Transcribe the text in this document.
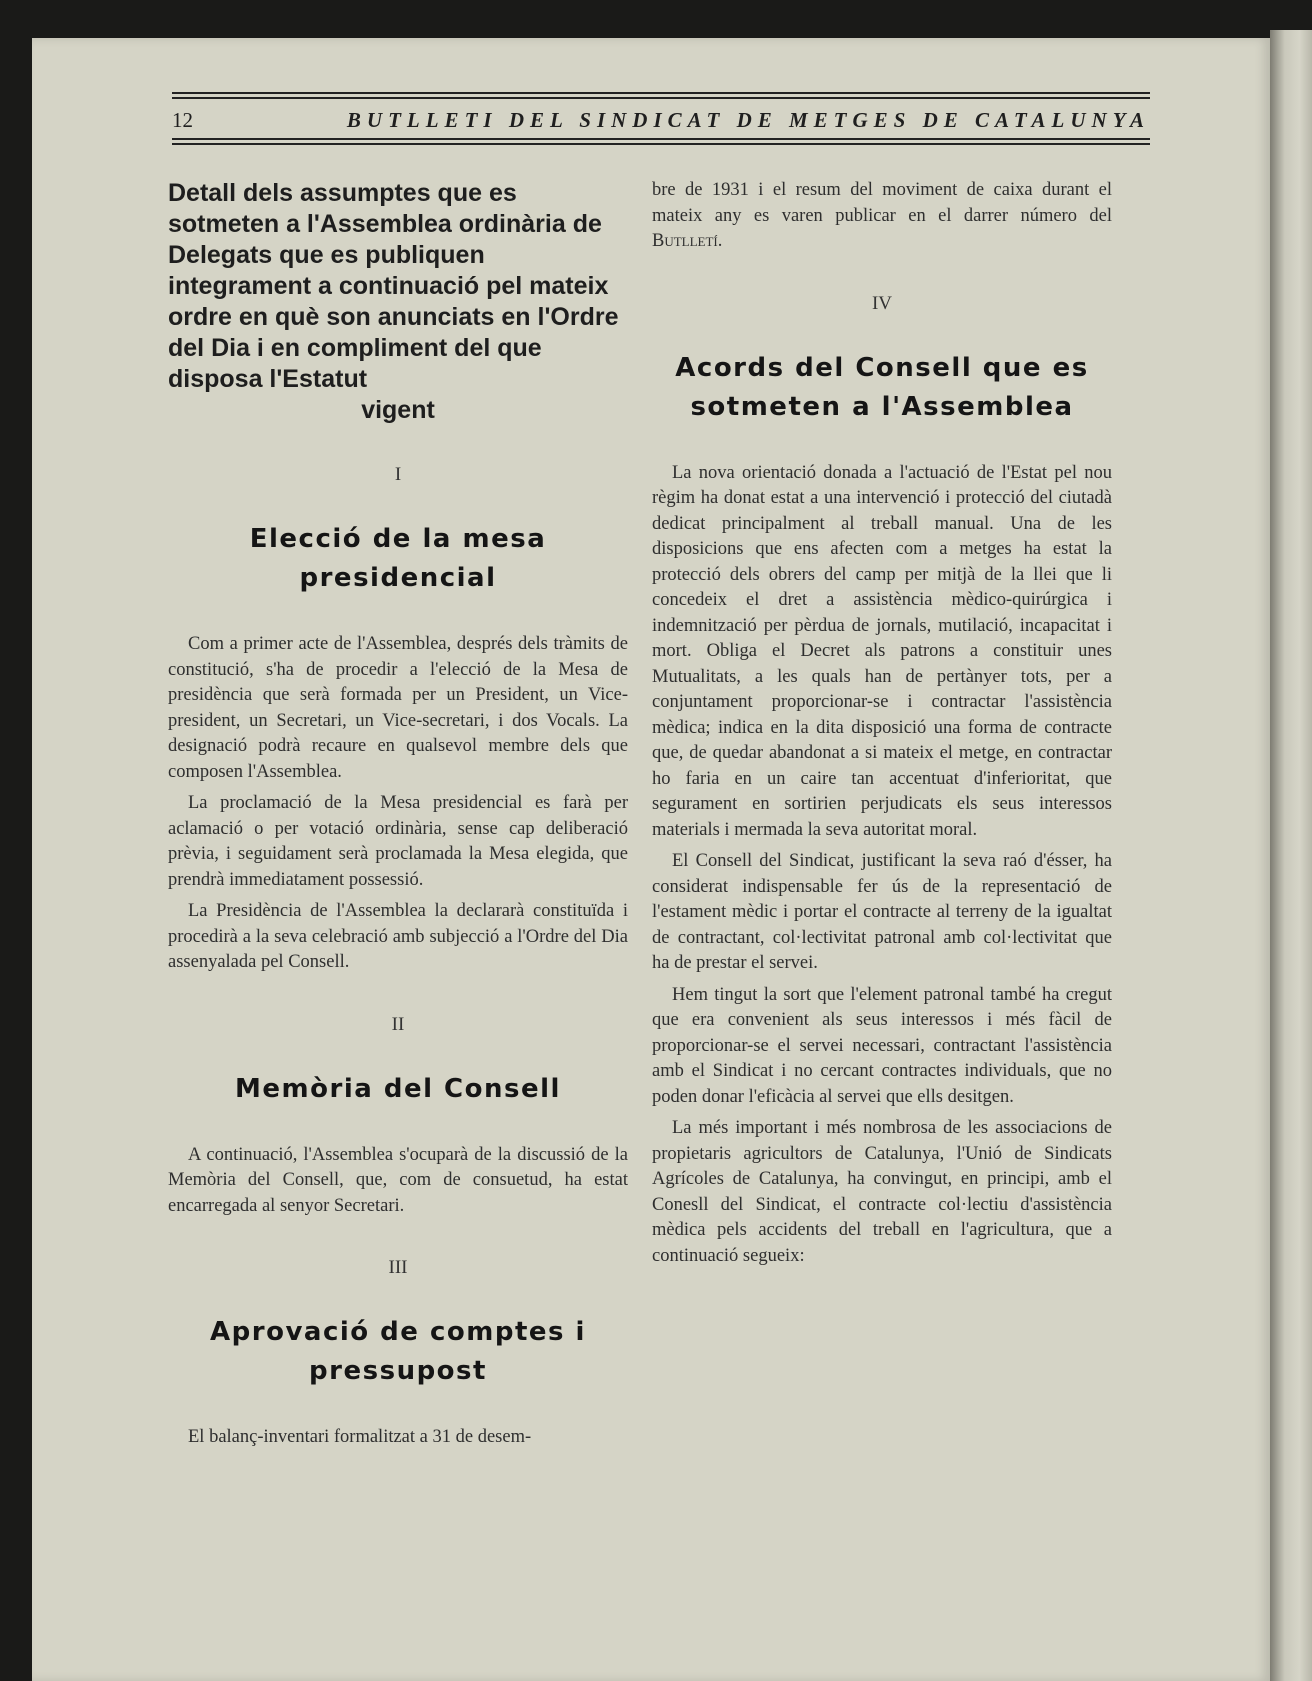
12	BUTLLETI DEL SINDICAT DE METGES DE CATALUNYA
Detall dels assumptes que es sotmeten a l'Assemblea ordinària de Delegats que es publiquen integrament a continuació pel mateix ordre en què son anunciats en l'Ordre del Dia i en compliment del que disposa l'Estatut
vigent
I
Elecció de la mesa presidencial

Com a primer acte de l'Assemblea, després dels tràmits de constitució, s'ha de procedir a l'elecció de la Mesa de presidència que serà formada per un President, un Vice-president, un Secretari, un Vice-secretari, i dos Vocals. La designació podrà recaure en qualsevol membre dels que composen l'Assemblea.

La proclamació de la Mesa presidencial es farà per aclamació o per votació ordinària, sense cap deliberació prèvia, i seguidament serà proclamada la Mesa elegida, que prendrà immediatament possessió.

La Presidència de l'Assemblea la declararà constituïda i procedirà a la seva celebració amb subjecció a l'Ordre del Dia assenyalada pel Consell.

II
Memòria del Consell

A continuació, l'Assemblea s'ocuparà de la discussió de la Memòria del Consell, que, com de consuetud, ha estat encarregada al senyor Secretari.

III
Aprovació de comptes i pressupost

El balanç-inventari formalitzat a 31 de desem-

bre de 1931 i el resum del moviment de caixa durant el mateix any es varen publicar en el darrer número del Butlletí.

IV
Acords del Consell que es sotmeten a l'Assemblea

La nova orientació donada a l'actuació de l'Estat pel nou règim ha donat estat a una intervenció i protecció del ciutadà dedicat principalment al treball manual. Una de les disposicions que ens afecten com a metges ha estat la protecció dels obrers del camp per mitjà de la llei que li concedeix el dret a assistència mèdico-quirúrgica i indemnització per pèrdua de jornals, mutilació, incapacitat i mort. Obliga el Decret als patrons a constituir unes Mutualitats, a les quals han de pertànyer tots, per a conjuntament proporcionar-se i contractar l'assistència mèdica; indica en la dita disposició una forma de contracte que, de quedar abandonat a si mateix el metge, en contractar ho faria en un caire tan accentuat d'inferioritat, que segurament en sortirien perjudicats els seus interessos materials i mermada la seva autoritat moral.

El Consell del Sindicat, justificant la seva raó d'ésser, ha considerat indispensable fer ús de la representació de l'estament mèdic i portar el contracte al terreny de la igualtat de contractant, col·lectivitat patronal amb col·lectivitat que ha de prestar el servei.

Hem tingut la sort que l'element patronal també ha cregut que era convenient als seus interessos i més fàcil de proporcionar-se el servei necessari, contractant l'assistència amb el Sindicat i no cercant contractes individuals, que no poden donar l'eficàcia al servei que ells desitgen.

La més important i més nombrosa de les associacions de propietaris agricultors de Catalunya, l'Unió de Sindicats Agrícoles de Catalunya, ha convingut, en principi, amb el Conesll del Sindicat, el contracte col·lectiu d'assistència mèdica pels accidents del treball en l'agricultura, que a continuació segueix:
